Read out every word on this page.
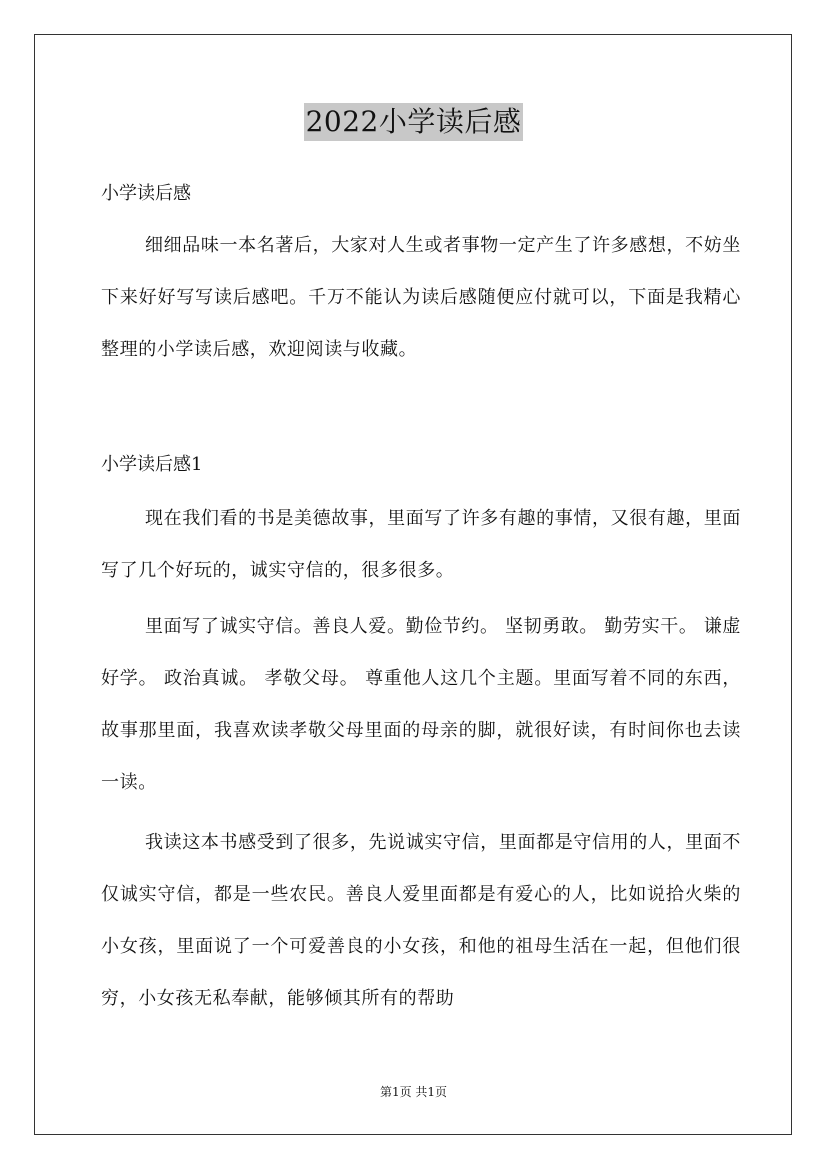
2022小学读后感
小学读后感
细细品味一本名著后，大家对人生或者事物一定产生了许多感想，不妨坐下来好好写写读后感吧。千万不能认为读后感随便应付就可以，下面是我精心整理的小学读后感，欢迎阅读与收藏。
小学读后感1
现在我们看的书是美德故事，里面写了许多有趣的事情，又很有趣，里面写了几个好玩的，诚实守信的，很多很多。
里面写了诚实守信。善良人爱。勤俭节约。 坚韧勇敢。 勤劳实干。 谦虚好学。 政治真诚。 孝敬父母。 尊重他人这几个主题。里面写着不同的东西，故事那里面，我喜欢读孝敬父母里面的母亲的脚，就很好读，有时间你也去读一读。
我读这本书感受到了很多，先说诚实守信，里面都是守信用的人，里面不仅诚实守信，都是一些农民。善良人爱里面都是有爱心的人，比如说拾火柴的小女孩，里面说了一个可爱善良的小女孩，和他的祖母生活在一起，但他们很穷，小女孩无私奉献，能够倾其所有的帮助
第1页 共1页
